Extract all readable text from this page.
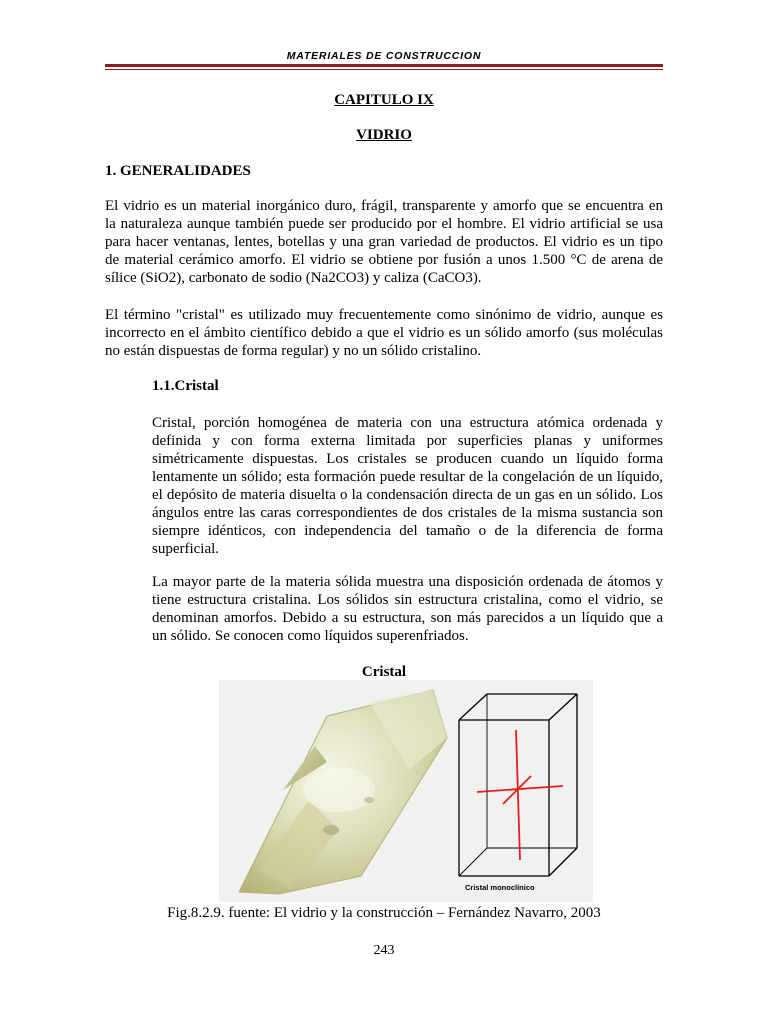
MATERIALES DE CONSTRUCCION
CAPITULO IX
VIDRIO
1. GENERALIDADES
El vidrio es un material inorgánico duro, frágil, transparente y amorfo que se encuentra en
la naturaleza aunque también puede ser producido por el hombre. El vidrio artificial se usa
para hacer ventanas, lentes, botellas y una gran variedad de productos. El vidrio es un tipo
de material cerámico amorfo. El vidrio se obtiene por fusión a unos 1.500 °C de arena de
sílice (SiO2), carbonato de sodio (Na2CO3) y caliza (CaCO3).
El término "cristal" es utilizado muy frecuentemente como sinónimo de vidrio, aunque es
incorrecto en el ámbito científico debido a que el vidrio es un sólido amorfo (sus moléculas
no están dispuestas de forma regular) y no un sólido cristalino.
1.1.Cristal
Cristal, porción homogénea de materia con una estructura atómica ordenada y
definida y con forma externa limitada por superficies planas y uniformes
simétricamente dispuestas. Los cristales se producen cuando un líquido forma
lentamente un sólido; esta formación puede resultar de la congelación de un líquido,
el depósito de materia disuelta o la condensación directa de un gas en un sólido. Los
ángulos entre las caras correspondientes de dos cristales de la misma sustancia son
siempre idénticos, con independencia del tamaño o de la diferencia de forma
superficial.
La mayor parte de la materia sólida muestra una disposición ordenada de átomos y
tiene estructura cristalina. Los sólidos sin estructura cristalina, como el vidrio, se
denominan amorfos. Debido a su estructura, son más parecidos a un líquido que a
un sólido. Se conocen como líquidos superenfriados.
Cristal
Cristal monoclínico
Fig.8.2.9. fuente: El vidrio y la construcción – Fernández Navarro, 2003
243
